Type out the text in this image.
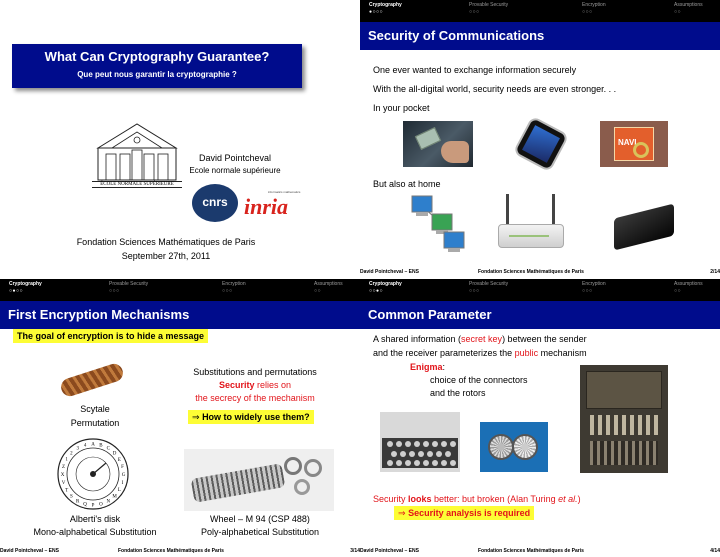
What Can Cryptography Guarantee?
Que peut nous garantir la cryptographie ?
ÉCOLE NORMALE SUPÉRIEURE
David Pointcheval
Ecole normale supérieure
cnrs
informatics mathematics
inria
Fondation Sciences Mathématiques de Paris
September 27th, 2011
Cryptography	Provable Security	Encryption	Assumptions
●○○○	○○○	○○○	○○
Security of Communications
One ever wanted to exchange information securely
With the all-digital world, security needs are even stronger. . .
In your pocket
NAVI
But also at home
David Pointcheval – ENS	Fondation Sciences Mathématiques de Paris	2/14
Cryptography	Provable Security	Encryption	Assumptions
○●○○	○○○	○○○	○○
First Encryption Mechanisms
The goal of encryption is to hide a message
Scytale
Permutation
Substitutions and permutations
Security relies on
the secrecy of the mechanism
⇒ How to widely use them?
A B
C
D
E
F
G
I
L
M
N
O
P
Q
R
S
T
V
X
Z
1
2
3
4
Alberti's disk
Mono-alphabetical Substitution
Wheel – M 94 (CSP 488)
Poly-alphabetical Substitution
David Pointcheval – ENS	Fondation Sciences Mathématiques de Paris	3/14
Cryptography	Provable Security	Encryption	Assumptions
○○●○	○○○	○○○	○○
Common Parameter
A shared information (secret key) between the sender
and the receiver parameterizes the public mechanism
Enigma:
choice of the connectors
and the rotors
Security looks better: but broken (Alan Turing et al.)
⇒ Security analysis is required
David Pointcheval – ENS	Fondation Sciences Mathématiques de Paris	4/14
